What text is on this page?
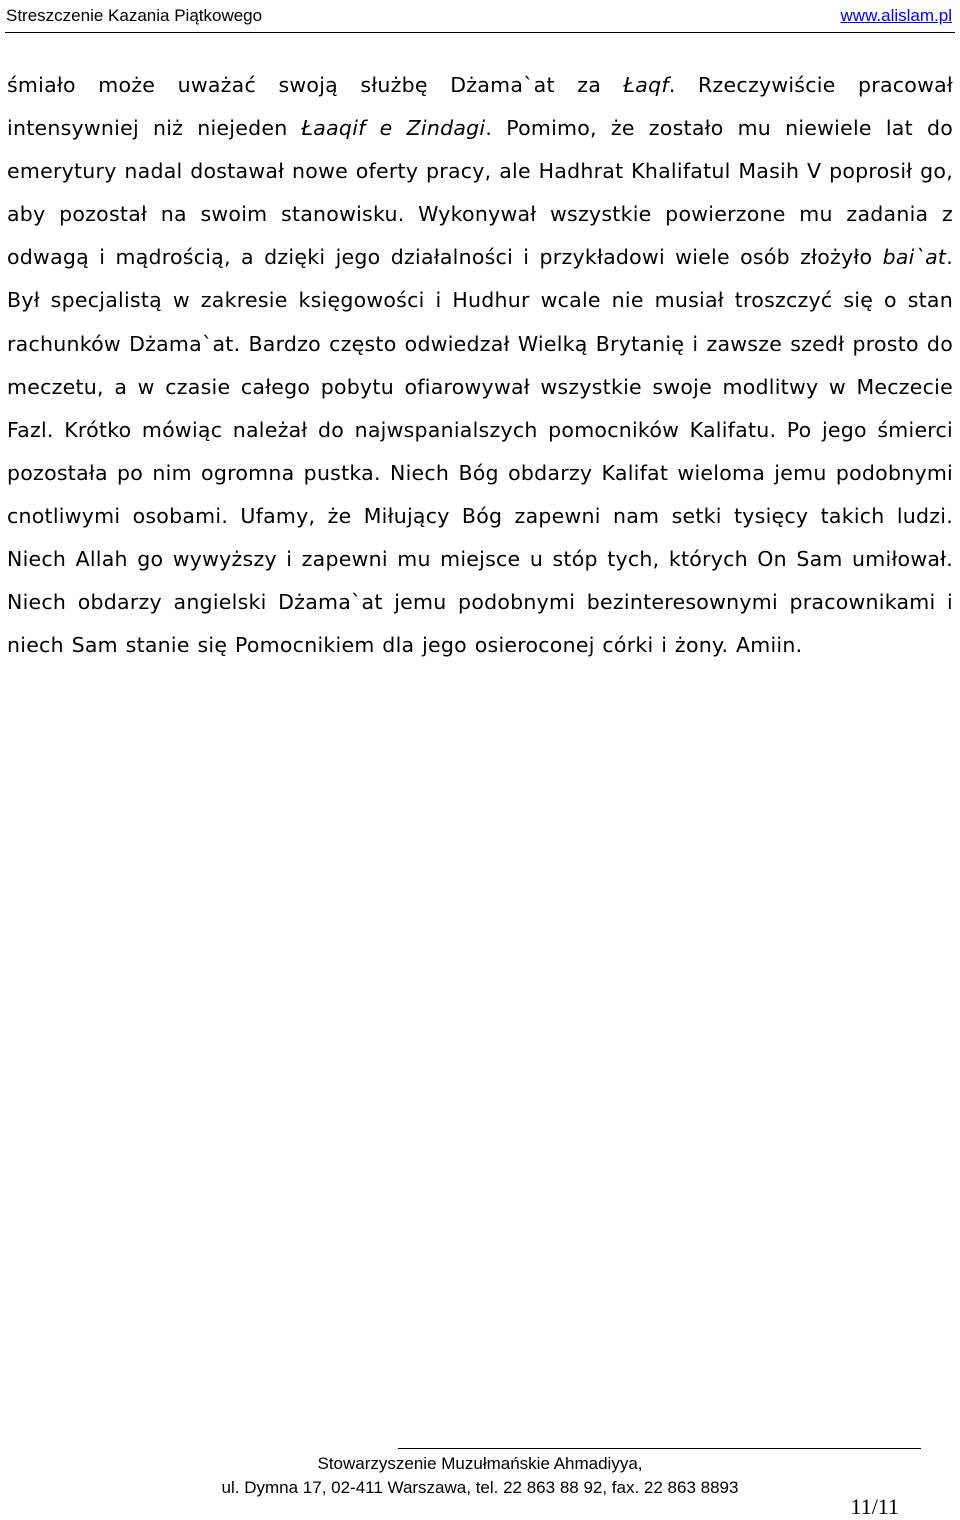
Streszczenie Kazania Piątkowego	www.alislam.pl

śmiało może uważać swoją służbę Dżama`at za Łaqf. Rzeczywiście pracował intensywniej niż niejeden Łaaqif e Zindagi. Pomimo, że zostało mu niewiele lat do emerytury nadal dostawał nowe oferty pracy, ale Hadhrat Khalifatul Masih V poprosił go, aby pozostał na swoim stanowisku. Wykonywał wszystkie powierzone mu zadania z odwagą i mądrością, a dzięki jego działalności i przykładowi wiele osób złożyło bai`at. Był specjalistą w zakresie księgowości i Hudhur wcale nie musiał troszczyć się o stan rachunków Dżama`at. Bardzo często odwiedzał Wielką Brytanię i zawsze szedł prosto do meczetu, a w czasie całego pobytu ofiarowywał wszystkie swoje modlitwy w Meczecie Fazl. Krótko mówiąc należał do najwspanialszych pomocników Kalifatu. Po jego śmierci pozostała po nim ogromna pustka. Niech Bóg obdarzy Kalifat wieloma jemu podobnymi cnotliwymi osobami. Ufamy, że Miłujący Bóg zapewni nam setki tysięcy takich ludzi. Niech Allah go wywyższy i zapewni mu miejsce u stóp tych, których On Sam umiłował. Niech obdarzy angielski Dżama`at jemu podobnymi bezinteresownymi pracownikami i niech Sam stanie się Pomocnikiem dla jego osieroconej córki i żony. Amiin.

Stowarzyszenie Muzułmańskie Ahmadiyya,
ul. Dymna 17, 02-411 Warszawa, tel. 22 863 88 92, fax. 22 863 8893
11/11
